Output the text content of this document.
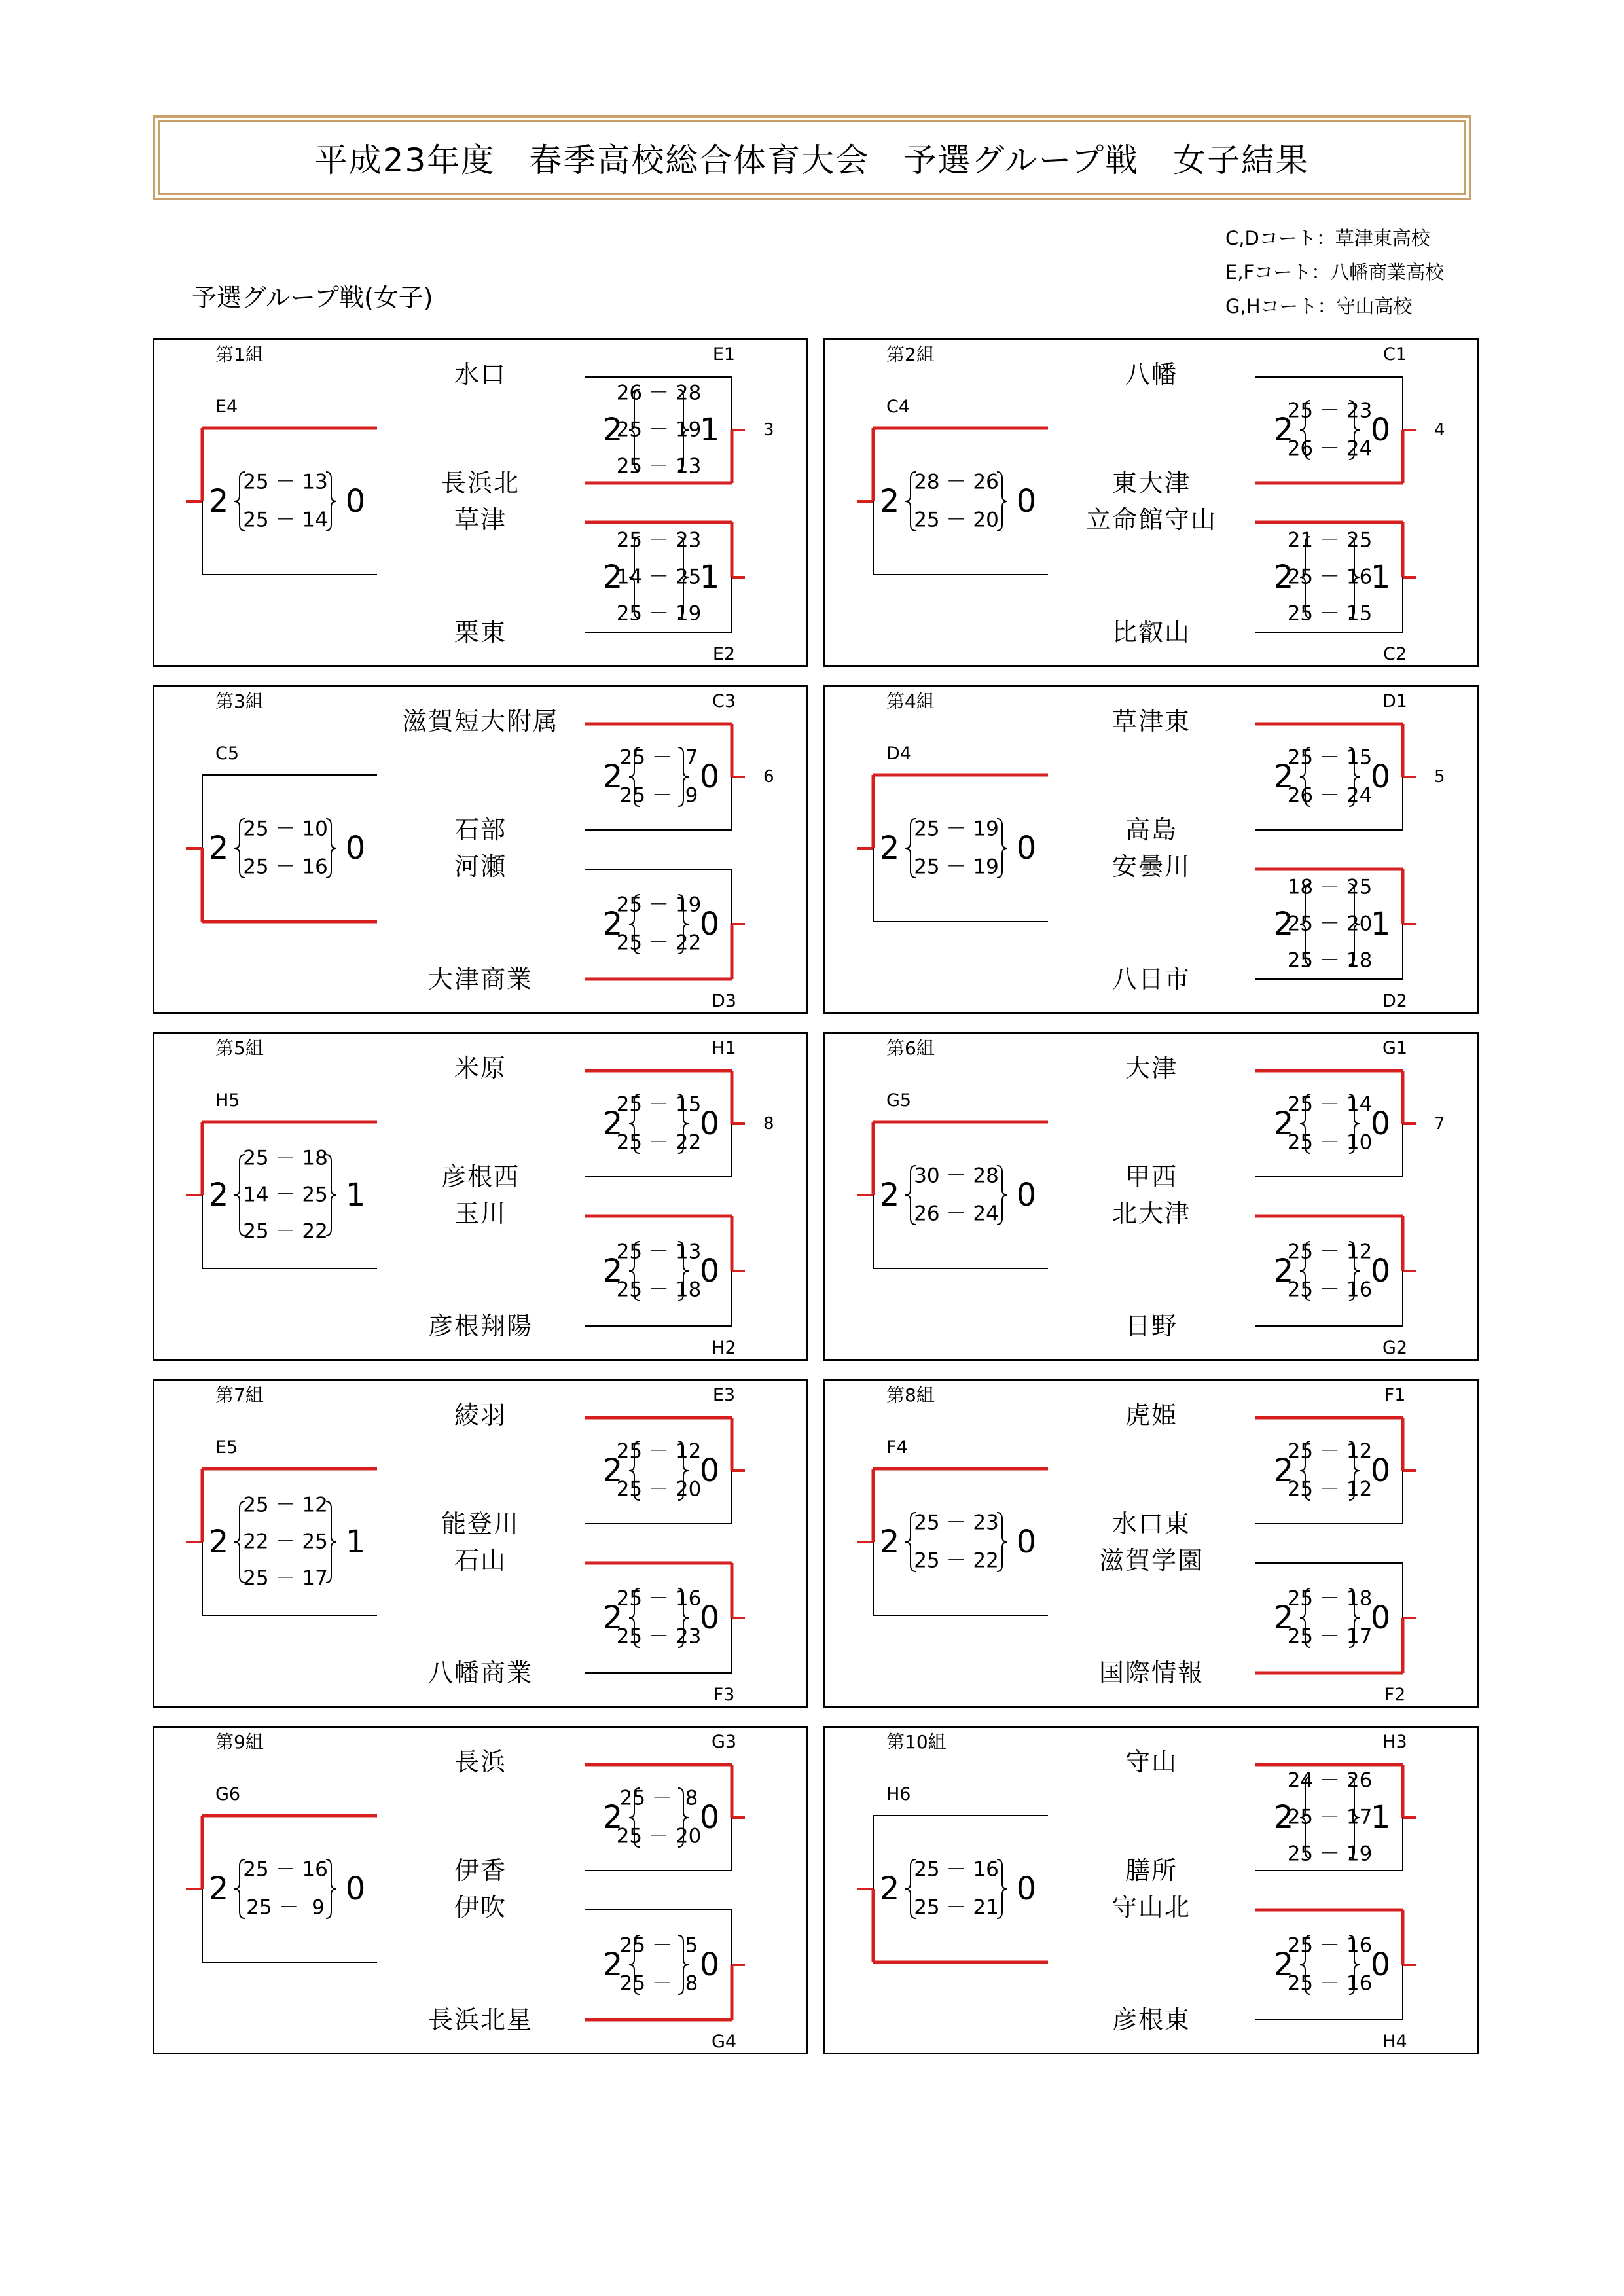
平成23年度　春季高校総合体育大会　予選グループ戦　女子結果
C,Dコート：草津東高校
E,Fコート：八幡商業高校
G,Hコート：守山高校
予選グループ戦(女子)
第1組	E1
E2
E4
3
水口
長浜北
草津
栗東
2 1
26 － 28
25 － 19
25 － 13
2 1
25 － 23
14 － 25
25 － 19
2	0
25 － 13
25 － 14
第2組	C1
C2
C4
4
八幡
東大津
立命館守山
比叡山
2 0
25 － 23
26 － 24
2 1
21 － 25
25 － 16
25 － 15
2	0
28 － 26
25 － 20
第3組	C3
D3
C5
6
滋賀短大附属
石部
河瀬
大津商業
2 0
25 －  7
25 －  9
2 0
25 － 19
25 － 22
2	0
25 － 10
25 － 16
第4組	D1
D2
D4
5
草津東
高島
安曇川
八日市
2 0
25 － 15
26 － 24
2 1
18 － 25
25 － 20
25 － 18
2	0
25 － 19
25 － 19
第5組	H1
H2
H5
8
米原
彦根西
玉川
彦根翔陽
2 0
25 － 15
25 － 22
2 0
25 － 13
25 － 18
2	1
25 － 18
14 － 25
25 － 22
第6組	G1
G2
G5
7
大津
甲西
北大津
日野
2 0
25 － 14
25 － 10
2 0
25 － 12
25 － 16
2	0
30 － 28
26 － 24
第7組	E3
F3
E5
綾羽
能登川
石山
八幡商業
2 0
25 － 12
25 － 20
2 0
25 － 16
25 － 23
2	1
25 － 12
22 － 25
25 － 17
第8組	F1
F2
F4
虎姫
水口東
滋賀学園
国際情報
2 0
25 － 12
25 － 12
2 0
25 － 18
25 － 17
2	0
25 － 23
25 － 22
第9組	G3
G4
G6
長浜
伊香
伊吹
長浜北星
2 0
25 －  8
25 － 20
2 0
25 －  5
25 －  8
2	0
25 － 16
25 －  9
第10組	H3
H4
H6
守山
膳所
守山北
彦根東
2 1
24 － 26
25 － 17
25 － 19
2 0
25 － 16
25 － 16
2	0
25 － 16
25 － 21
